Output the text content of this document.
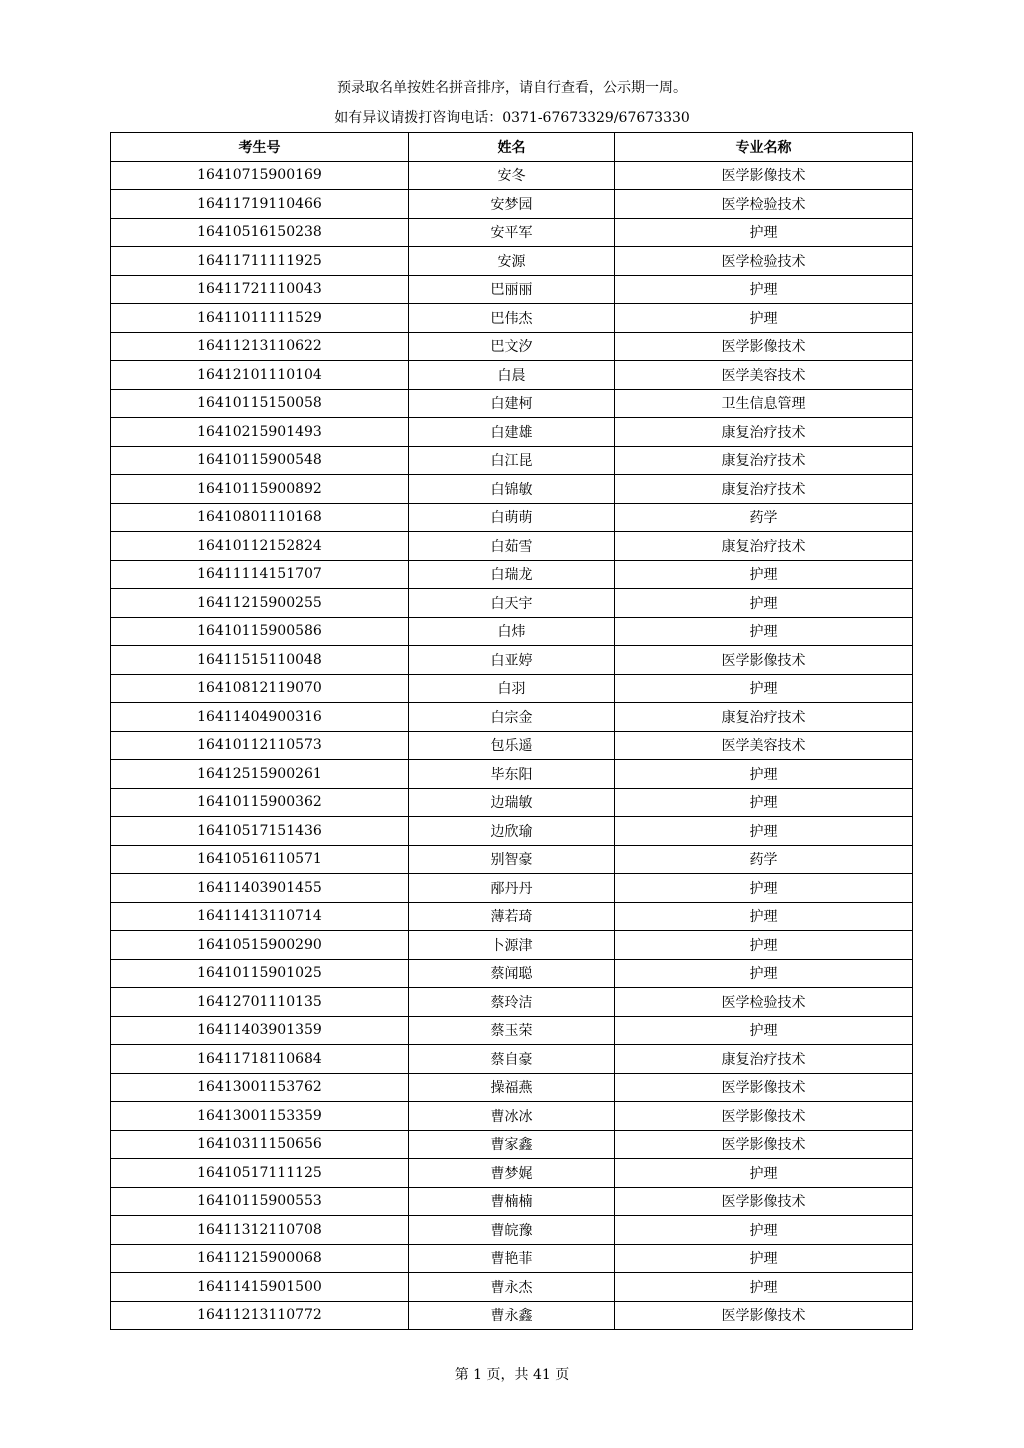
预录取名单按姓名拼音排序，请自行查看，公示期一周。
如有异议请拨打咨询电话：0371-67673329/67673330
考生号	姓名	专业名称
16410715900169	安冬	医学影像技术
16411719110466	安梦园	医学检验技术
16410516150238	安平军	护理
16411711111925	安源	医学检验技术
16411721110043	巴丽丽	护理
16411011111529	巴伟杰	护理
16411213110622	巴文汐	医学影像技术
16412101110104	白晨	医学美容技术
16410115150058	白建柯	卫生信息管理
16410215901493	白建雄	康复治疗技术
16410115900548	白江昆	康复治疗技术
16410115900892	白锦敏	康复治疗技术
16410801110168	白萌萌	药学
16410112152824	白茹雪	康复治疗技术
16411114151707	白瑞龙	护理
16411215900255	白天宇	护理
16410115900586	白炜	护理
16411515110048	白亚婷	医学影像技术
16410812119070	白羽	护理
16411404900316	白宗金	康复治疗技术
16410112110573	包乐遥	医学美容技术
16412515900261	毕东阳	护理
16410115900362	边瑞敏	护理
16410517151436	边欣瑜	护理
16410516110571	别智豪	药学
16411403901455	邴丹丹	护理
16411413110714	薄若琦	护理
16410515900290	卜源津	护理
16410115901025	蔡闻聪	护理
16412701110135	蔡玲洁	医学检验技术
16411403901359	蔡玉荣	护理
16411718110684	蔡自豪	康复治疗技术
16413001153762	操福燕	医学影像技术
16413001153359	曹冰冰	医学影像技术
16410311150656	曹家鑫	医学影像技术
16410517111125	曹梦娓	护理
16410115900553	曹楠楠	医学影像技术
16411312110708	曹皖豫	护理
16411215900068	曹艳菲	护理
16411415901500	曹永杰	护理
16411213110772	曹永鑫	医学影像技术
第 1 页，共 41 页
